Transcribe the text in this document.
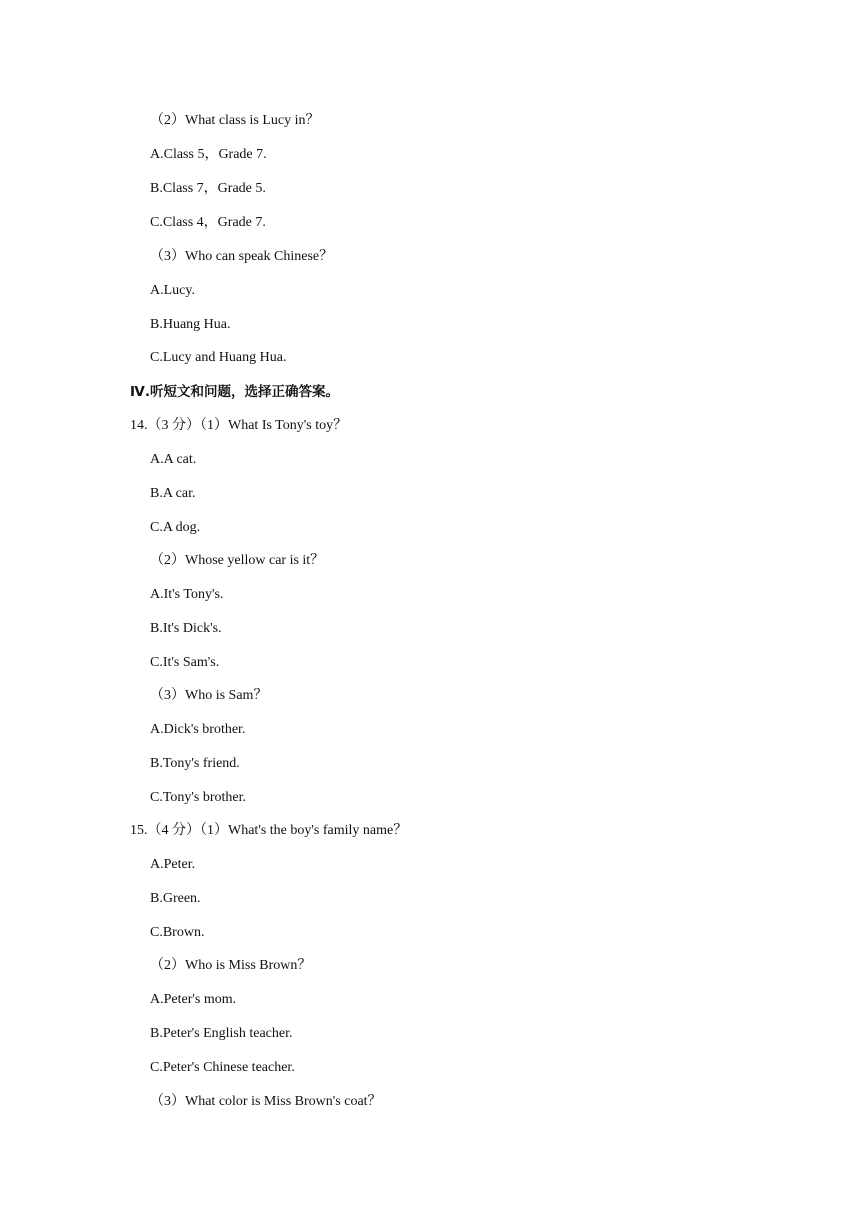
（2）What class is Lucy in？
A.Class 5，Grade 7.
B.Class 7，Grade 5.
C.Class 4，Grade 7.
（3）Who can speak Chinese？
A.Lucy.
B.Huang Hua.
C.Lucy and Huang Hua.
Ⅳ.听短文和问题，选择正确答案。
14.（3 分）（1）What Is Tony's toy？
A.A cat.
B.A car.
C.A dog.
（2）Whose yellow car is it？
A.It's Tony's.
B.It's Dick's.
C.It's Sam's.
（3）Who is Sam？
A.Dick's brother.
B.Tony's friend.
C.Tony's brother.
15.（4 分）（1）What's the boy's family name？
A.Peter.
B.Green.
C.Brown.
（2）Who is Miss Brown？
A.Peter's mom.
B.Peter's English teacher.
C.Peter's Chinese teacher.
（3）What color is Miss Brown's coat？
